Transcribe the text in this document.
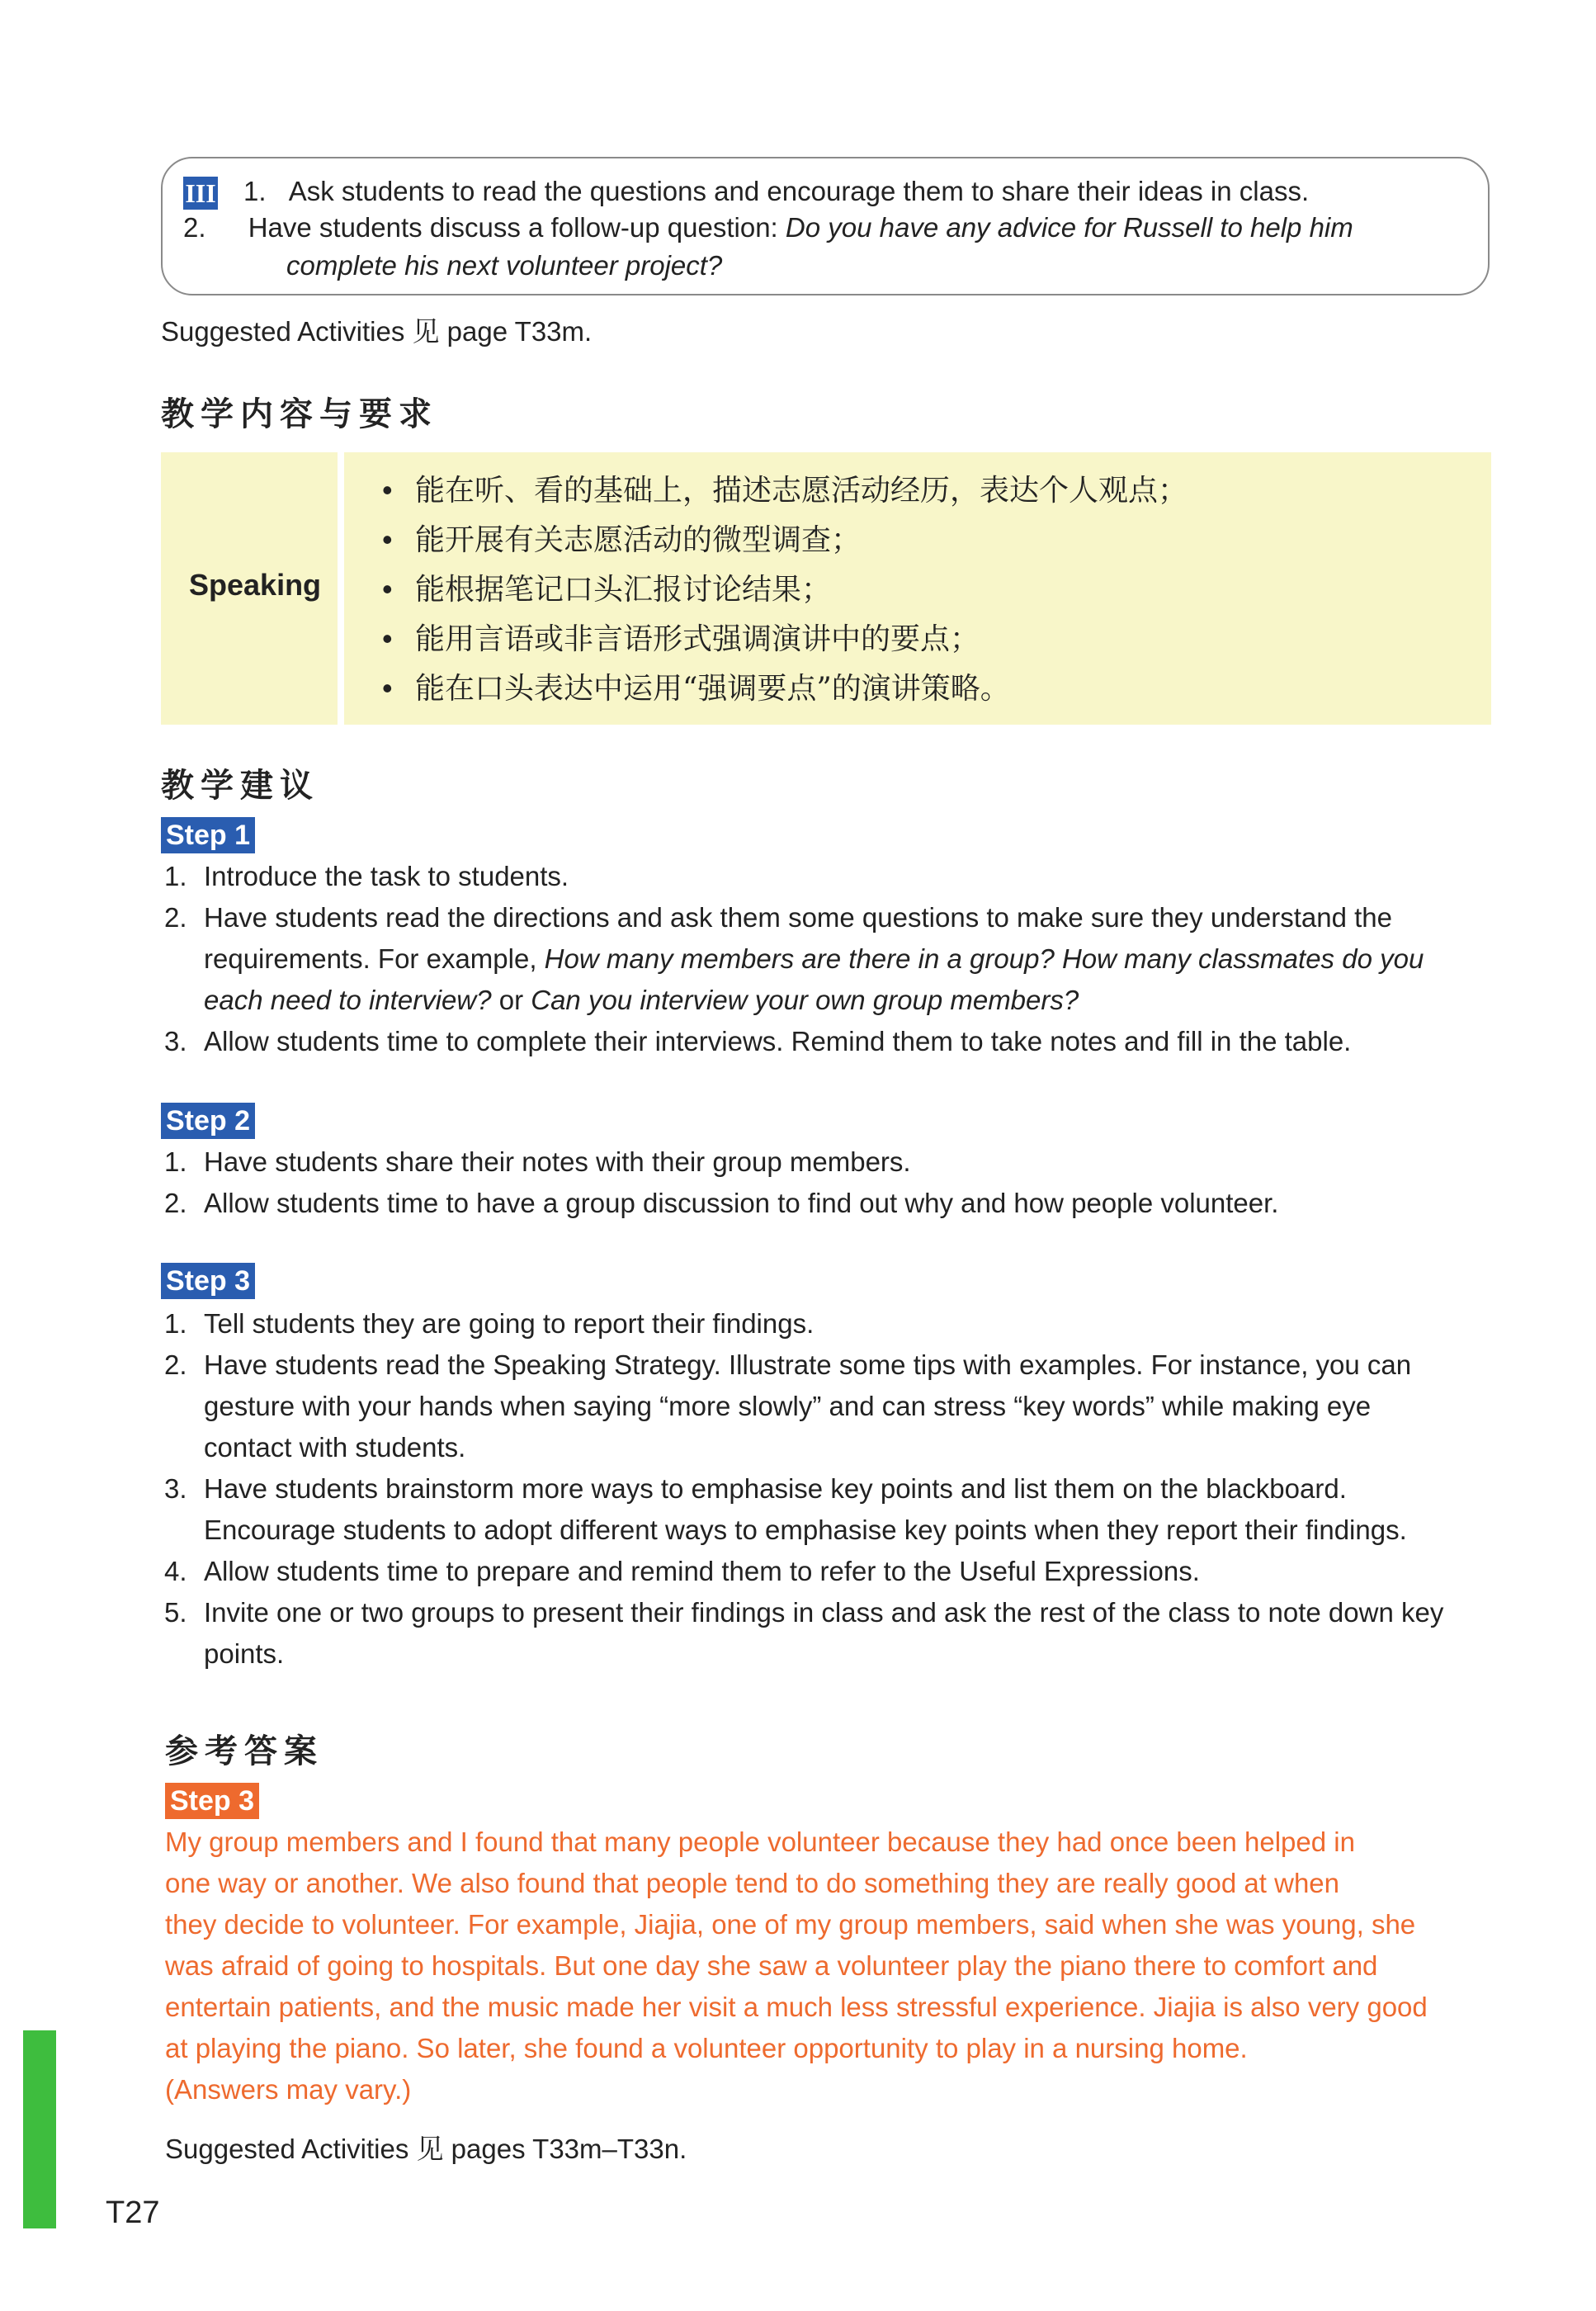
III 1. Ask students to read the questions and encourage them to share their ideas in class.
2. Have students discuss a follow-up question: Do you have any advice for Russell to help him
complete his next volunteer project?
Suggested Activities 见 page T33m.
教学内容与要求
Speaking
• 能在听、看的基础上，描述志愿活动经历，表达个人观点；
• 能开展有关志愿活动的微型调查；
• 能根据笔记口头汇报讨论结果；
• 能用言语或非言语形式强调演讲中的要点；
• 能在口头表达中运用“强调要点”的演讲策略。
教学建议
Step 1
1. Introduce the task to students.
2. Have students read the directions and ask them some questions to make sure they understand the
requirements. For example, How many members are there in a group? How many classmates do you
each need to interview? or Can you interview your own group members?
3. Allow students time to complete their interviews. Remind them to take notes and fill in the table.
Step 2
1. Have students share their notes with their group members.
2. Allow students time to have a group discussion to find out why and how people volunteer.
Step 3
1. Tell students they are going to report their findings.
2. Have students read the Speaking Strategy. Illustrate some tips with examples. For instance, you can
gesture with your hands when saying “more slowly” and can stress “key words” while making eye
contact with students.
3. Have students brainstorm more ways to emphasise key points and list them on the blackboard.
Encourage students to adopt different ways to emphasise key points when they report their findings.
4. Allow students time to prepare and remind them to refer to the Useful Expressions.
5. Invite one or two groups to present their findings in class and ask the rest of the class to note down key
points.
参考答案
Step 3
My group members and I found that many people volunteer because they had once been helped in
one way or another. We also found that people tend to do something they are really good at when
they decide to volunteer. For example, Jiajia, one of my group members, said when she was young, she
was afraid of going to hospitals. But one day she saw a volunteer play the piano there to comfort and
entertain patients, and the music made her visit a much less stressful experience. Jiajia is also very good
at playing the piano. So later, she found a volunteer opportunity to play in a nursing home.
(Answers may vary.)
Suggested Activities 见 pages T33m–T33n.
T27
